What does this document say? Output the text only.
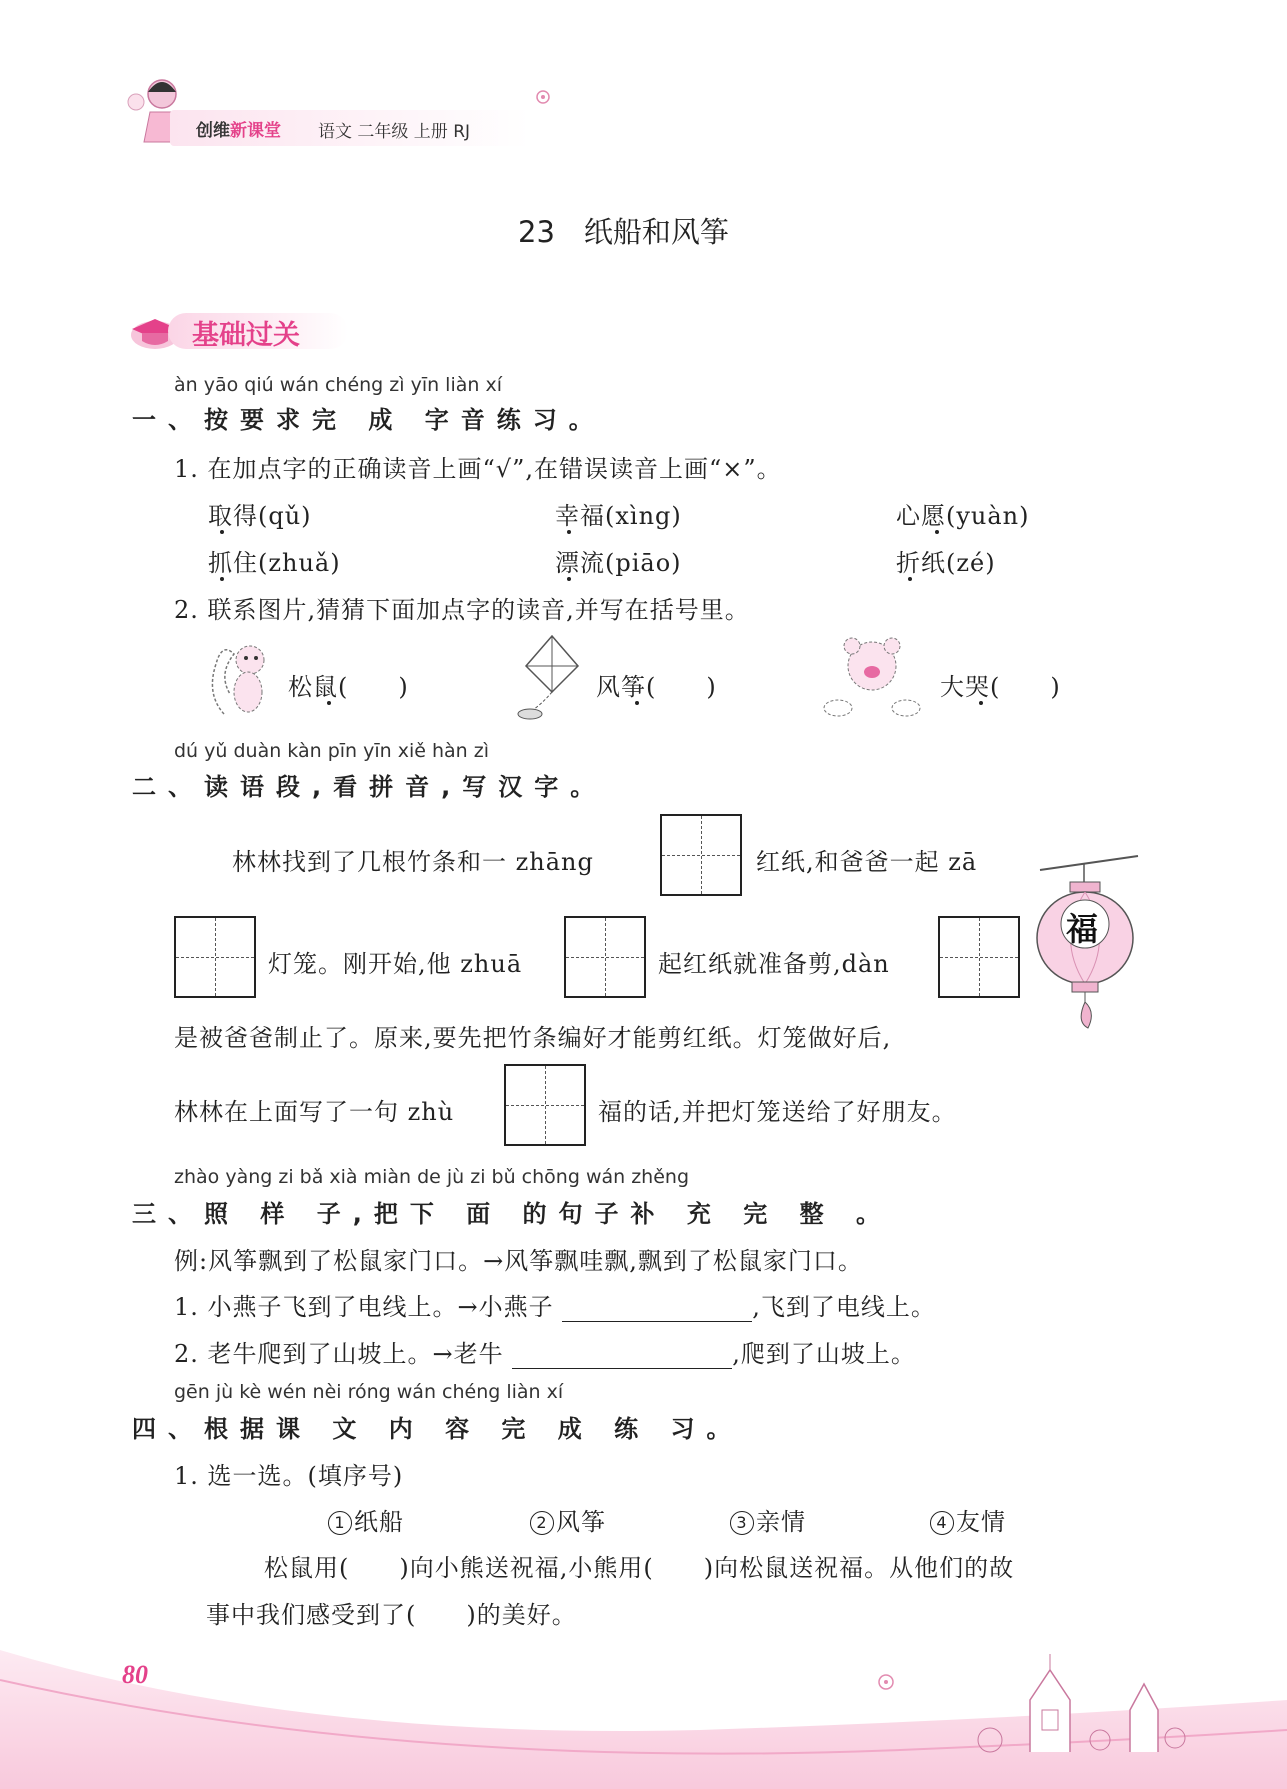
创维新课堂 语文 二年级 上册 RJ
23　纸船和风筝
基础过关
àn yāo qiú wán chéng zì yīn liàn xí
一、按要求完 成 字音练习。
1. 在加点字的正确读音上画“√”,在错误读音上画“×”。
取得(qǔ)	幸福(xìng)	心愿(yuàn)
抓住(zhuǎ)	漂流(piāo)	折纸(zé)
2. 联系图片,猜猜下面加点字的读音,并写在括号里。
松鼠(　　)	风筝(　　)	大哭(　　)
dú yǔ duàn kàn pīn yīn xiě hàn zì
二、读语段,看拼音,写汉字。
林林找到了几根竹条和一 zhāng	红纸,和爸爸一起 zā
灯笼。刚开始,他 zhuā	起红纸就准备剪,dàn
福
是被爸爸制止了。原来,要先把竹条编好才能剪红纸。灯笼做好后,
林林在上面写了一句 zhù	福的话,并把灯笼送给了好朋友。
zhào yàng zi bǎ xià miàn de jù zi bǔ chōng wán zhěng
三、照 样 子,把下 面 的句子补 充 完 整 。
例:风筝飘到了松鼠家门口。→风筝飘哇飘,飘到了松鼠家门口。
1. 小燕子飞到了电线上。→小燕子	,飞到了电线上。
2. 老牛爬到了山坡上。→老牛	,爬到了山坡上。
gēn jù kè wén nèi róng wán chéng liàn xí
四、根据课 文 内 容 完 成 练 习。
1. 选一选。(填序号)
1 纸船	2 风筝	3 亲情	4 友情
松鼠用(　　)向小熊送祝福,小熊用(　　)向松鼠送祝福。从他们的故
事中我们感受到了(　　)的美好。
80
